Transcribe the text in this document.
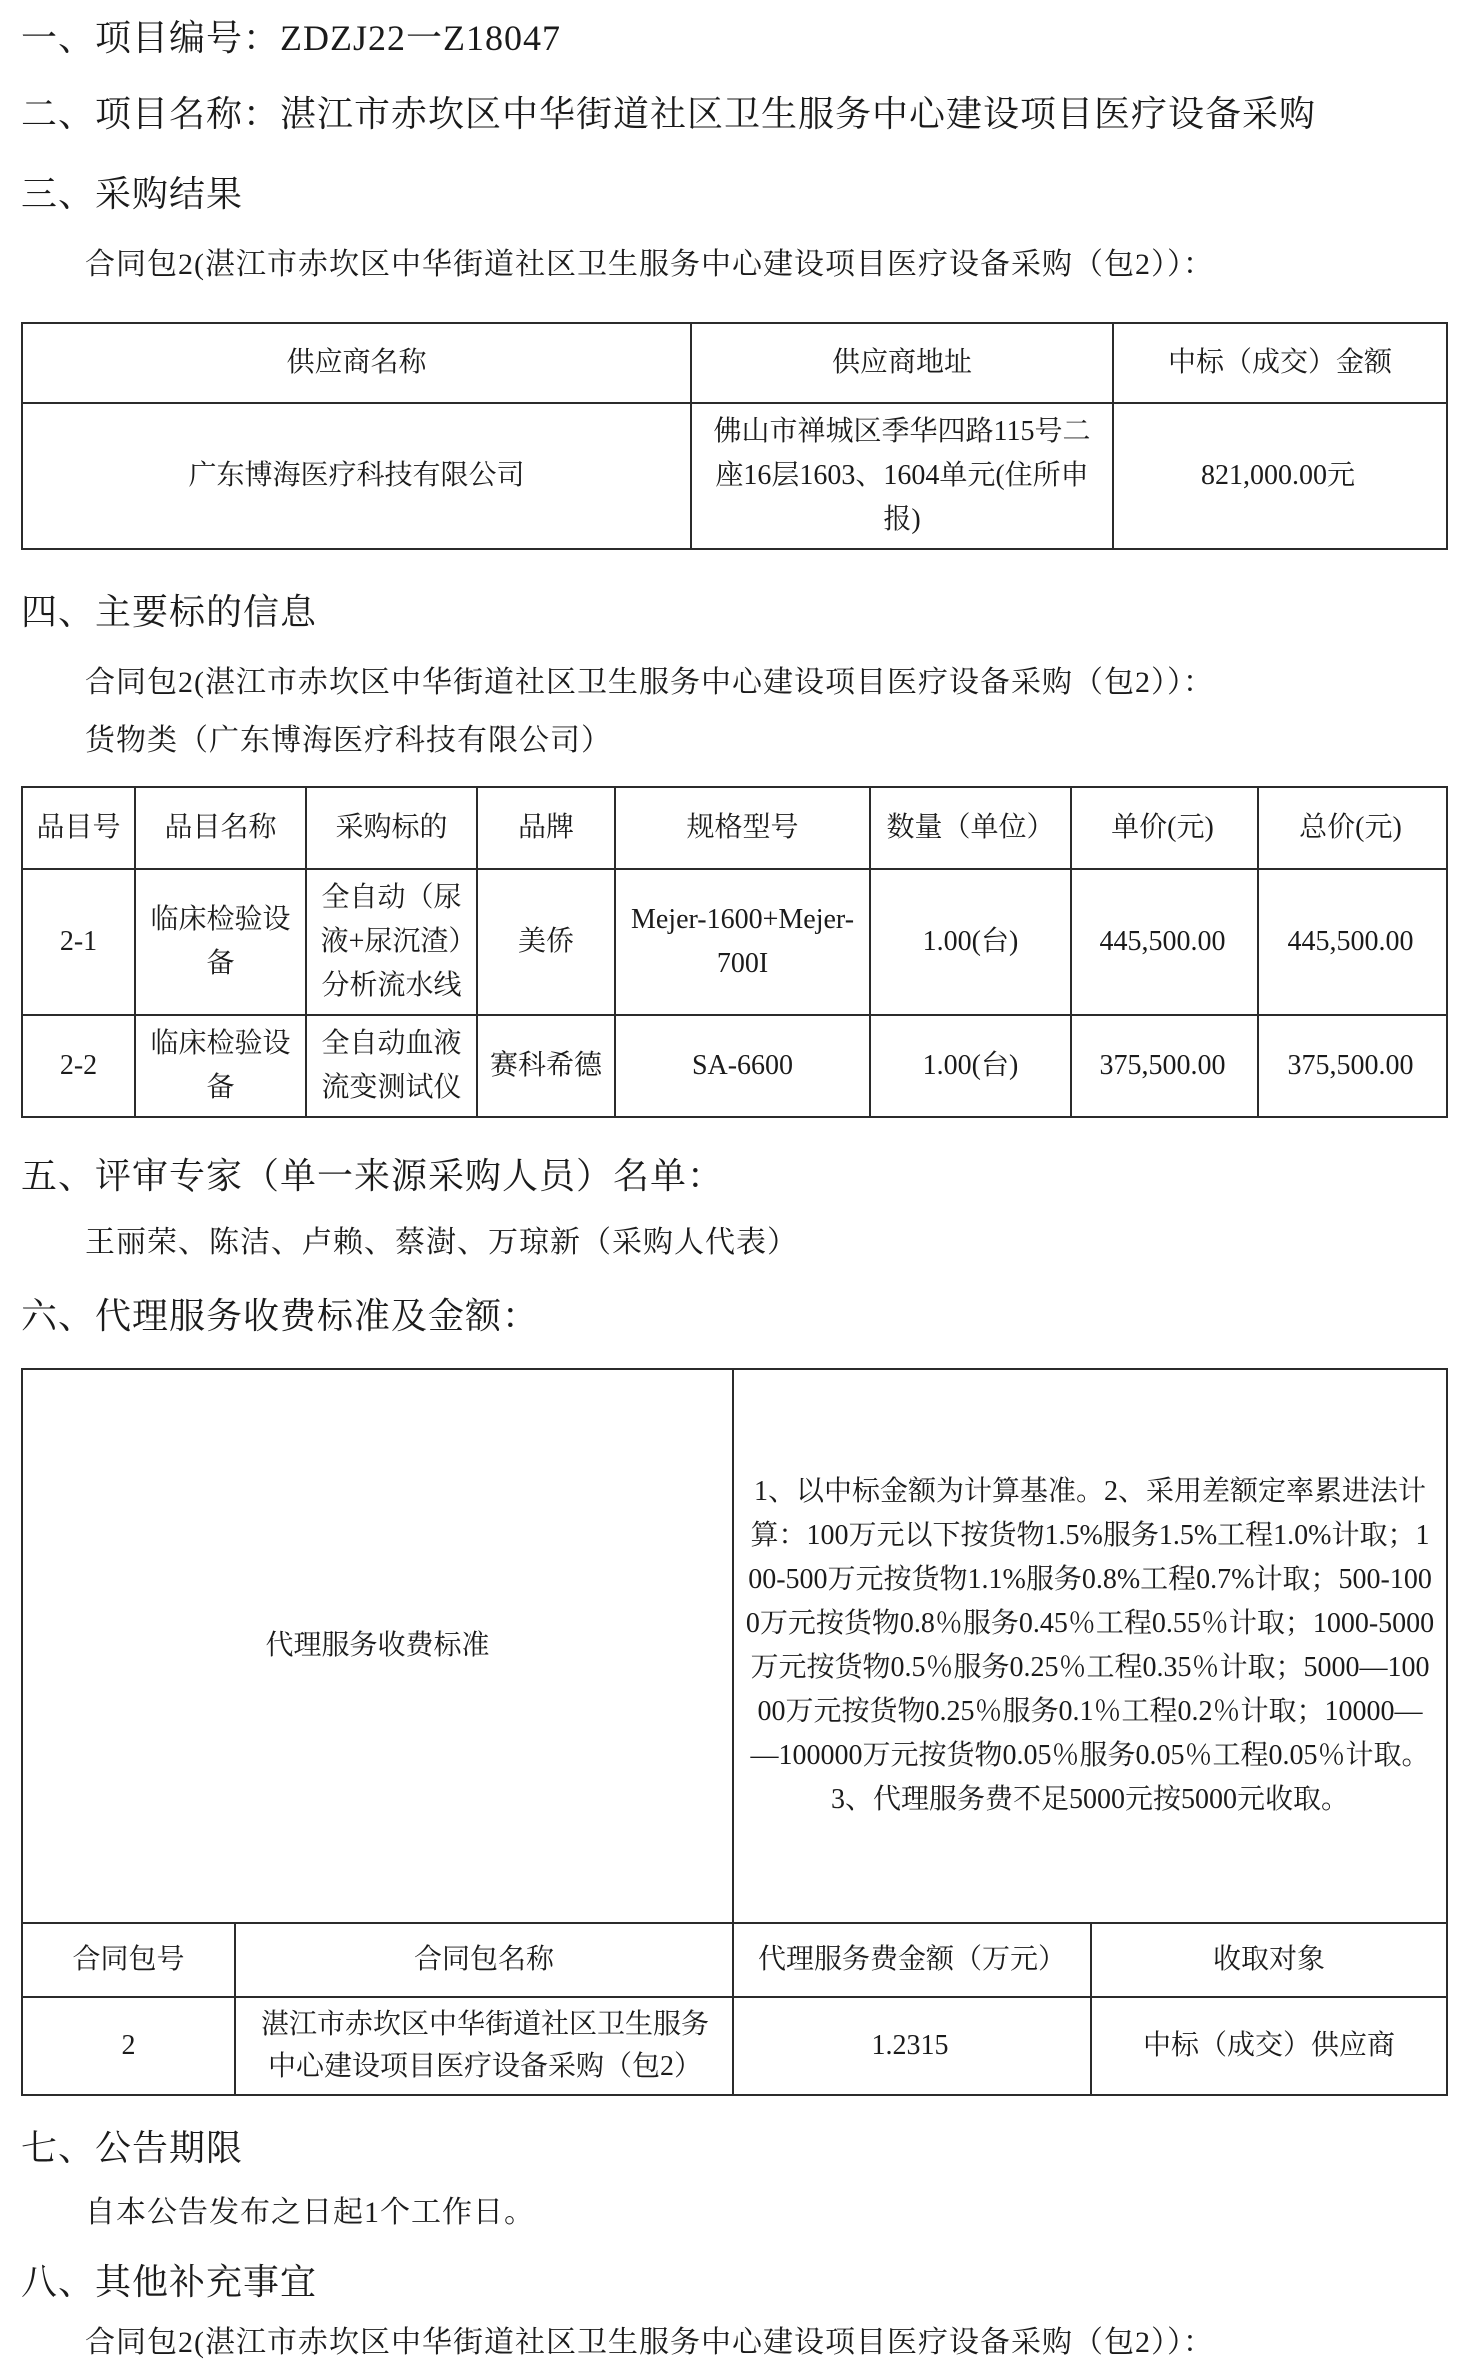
一、项目编号：ZDZJ22一Z18047
二、项目名称：湛江市赤坎区中华街道社区卫生服务中心建设项目医疗设备采购
三、采购结果

合同包2(湛江市赤坎区中华街道社区卫生服务中心建设项目医疗设备采购（包2））：

供应商名称	供应商地址	中标（成交）金额
广东博海医疗科技有限公司	佛山市禅城区季华四路115号二座16层1603、1604单元(住所申报)	821,000.00元
四、主要标的信息

合同包2(湛江市赤坎区中华街道社区卫生服务中心建设项目医疗设备采购（包2））：

货物类（广东博海医疗科技有限公司）

品目号	品目名称	采购标的	品牌	规格型号	数量（单位）	单价(元)	总价(元)
2-1	临床检验设备	全自动（尿液+尿沉渣）分析流水线	美侨	Mejer-1600+Mejer-700I	1.00(台)	445,500.00	445,500.00
2-2	临床检验设备	全自动血液流变测试仪	赛科希德	SA-6600	1.00(台)	375,500.00	375,500.00
五、评审专家（单一来源采购人员）名单：

王丽荣、陈洁、卢赖、蔡澍、万琼新（采购人代表）

六、代理服务收费标准及金额：
代理服务收费标准		1、以中标金额为计算基准。2、采用差额定率累进法计算：100万元以下按货物1.5%服务1.5%工程1.0%计取；100-500万元按货物1.1%服务0.8%工程0.7%计取；500-1000万元按货物0.8％服务0.45％工程0.55％计取；1000-5000万元按货物0.5％服务0.25％工程0.35％计取；5000—10000万元按货物0.25％服务0.1％工程0.2％计取；10000——100000万元按货物0.05％服务0.05％工程0.05％计取。3、代理服务费不足5000元按5000元收取。	
合同包号	合同包名称	代理服务费金额（万元）	收取对象
2	湛江市赤坎区中华街道社区卫生服务中心建设项目医疗设备采购（包2）	1.2315	中标（成交）供应商
七、公告期限

自本公告发布之日起1个工作日。

八、其他补充事宜

合同包2(湛江市赤坎区中华街道社区卫生服务中心建设项目医疗设备采购（包2））：
